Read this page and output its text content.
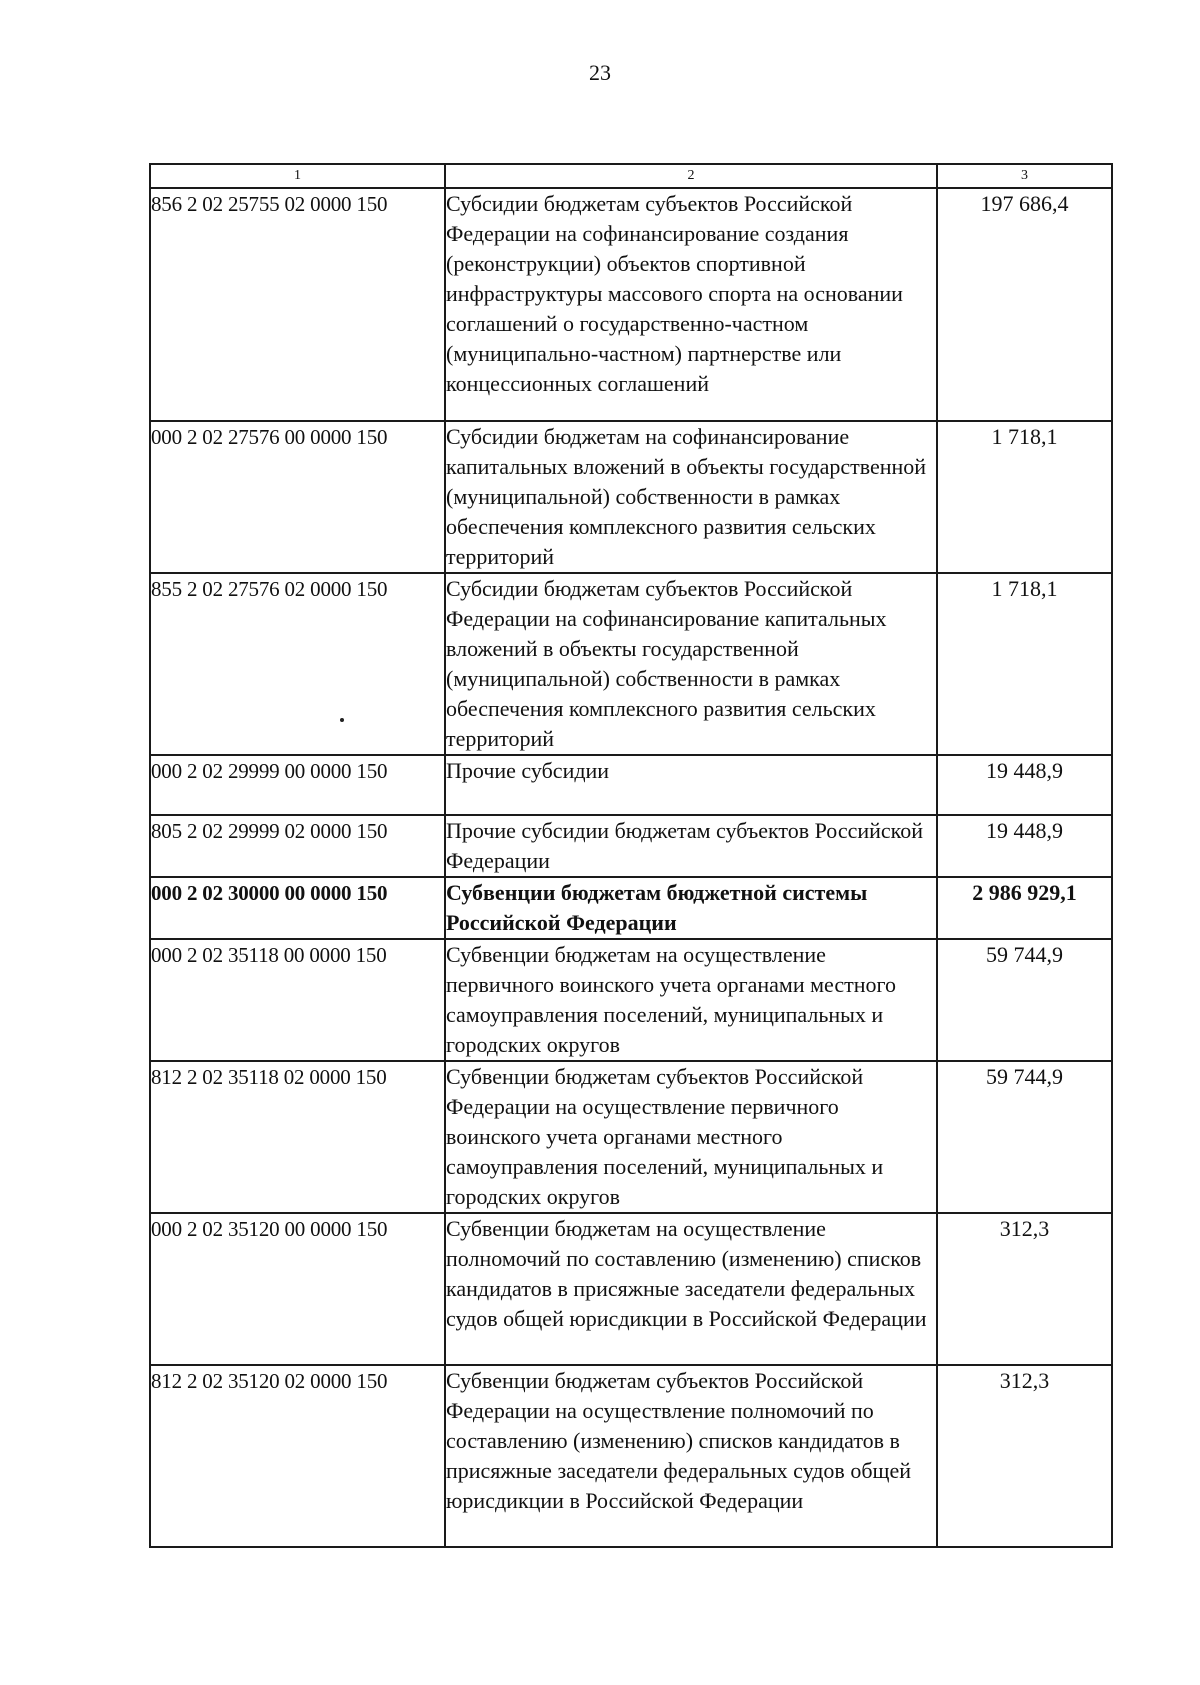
23
1	2	3
856 2 02 25755 02 0000 150	Субсидии бюджетам субъектов Российской Федерации на софинансирование создания (реконструкции) объектов спортивной инфраструктуры массового спорта на основании соглашений о государственно-частном (муниципально-частном) партнерстве или концессионных соглашений	197 686,4
000 2 02 27576 00 0000 150	Субсидии бюджетам на софинансирование капитальных вложений в объекты государственной (муниципальной) собственности в рамках обеспечения комплексного развития сельских территорий	1 718,1
855 2 02 27576 02 0000 150	Субсидии бюджетам субъектов Российской Федерации на софинансирование капитальных вложений в объекты государственной (муниципальной) собственности в рамках обеспечения комплексного развития сельских территорий	1 718,1
000 2 02 29999 00 0000 150	Прочие субсидии	19 448,9
805 2 02 29999 02 0000 150	Прочие субсидии бюджетам субъектов Российской Федерации	19 448,9
000 2 02 30000 00 0000 150	Субвенции бюджетам бюджетной системы Российской Федерации	2 986 929,1
000 2 02 35118 00 0000 150	Субвенции бюджетам на осуществление первичного воинского учета органами местного самоуправления поселений, муниципальных и городских округов	59 744,9
812 2 02 35118 02 0000 150	Субвенции бюджетам субъектов Российской Федерации на осуществление первичного воинского учета органами местного самоуправления поселений, муниципальных и городских округов	59 744,9
000 2 02 35120 00 0000 150	Субвенции бюджетам на осуществление полномочий по составлению (изменению) списков кандидатов в присяжные заседатели федеральных судов общей юрисдикции в Российской Федерации	312,3
812 2 02 35120 02 0000 150	Субвенции бюджетам субъектов Российской Федерации на осуществление полномочий по составлению (изменению) списков кандидатов в присяжные заседатели федеральных судов общей юрисдикции в Российской Федерации	312,3
